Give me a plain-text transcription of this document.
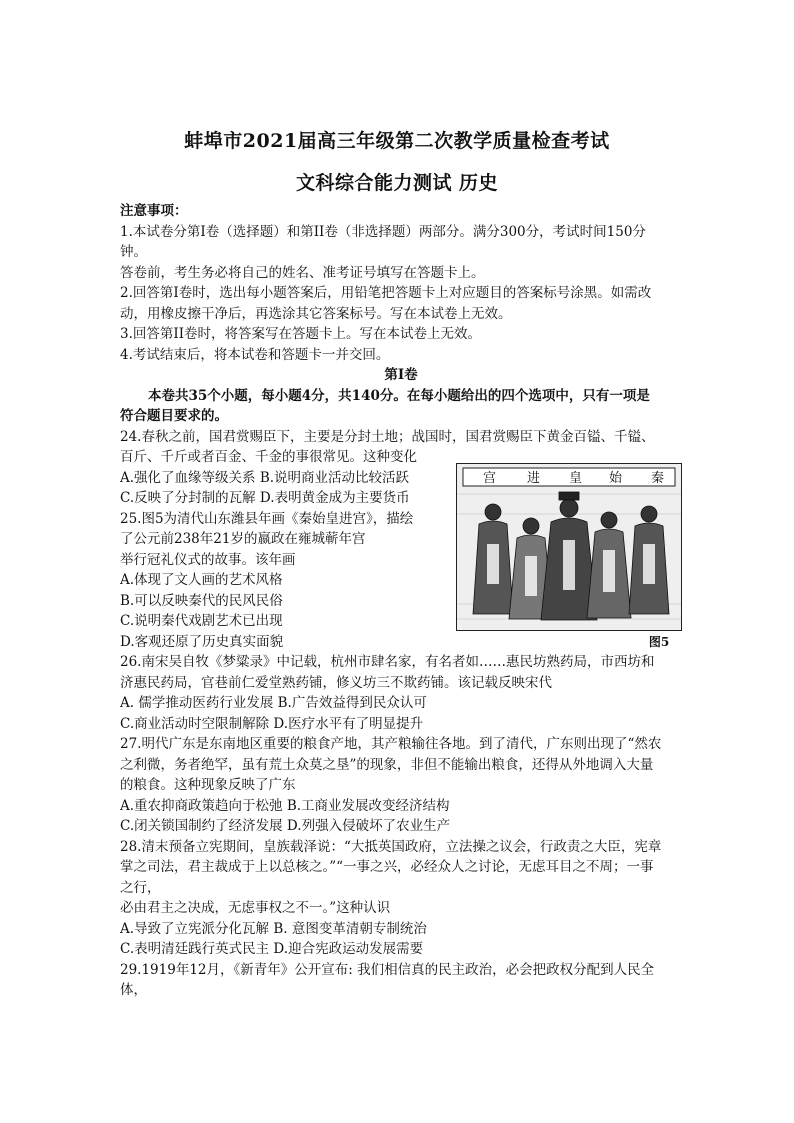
蚌埠市2021届高三年级第二次教学质量检查考试
文科综合能力测试 历史
注意事项：
1.本试卷分第I卷（选择题）和第II卷（非选择题）两部分。满分300分，考试时间150分
钟。
答卷前，考生务必将自己的姓名、准考证号填写在答题卡上。
2.回答第I卷时，选出每小题答案后，用铅笔把答题卡上对应题目的答案标号涂黑。如需改
动，用橡皮擦干净后，再选涂其它答案标号。写在本试卷上无效。
3.回答第II卷时，将答案写在答题卡上。写在本试卷上无效。
4.考试结束后，将本试卷和答题卡一并交回。
第I卷
本卷共35个小题，每小题4分，共140分。在每小题给出的四个选项中，只有一项是
符合题目要求的。
24.春秋之前，国君赏赐臣下，主要是分封土地；战国时，国君赏赐臣下黄金百镒、千镒、
百斤、千斤或者百金、千金的事很常见。这种变化
A.强化了血缘等级关系 B.说明商业活动比较活跃
C.反映了分封制的瓦解 D.表明黄金成为主要货币
25.图5为清代山东潍县年画《秦始皇进宫》，描绘
了公元前238年21岁的嬴政在雍城蕲年宫
举行冠礼仪式的故事。该年画
A.体现了文人画的艺术风格
B.可以反映秦代的民风民俗
C.说明秦代戏剧艺术已出现
D.客观还原了历史真实面貌
26.南宋吴自牧《梦粱录》中记载，杭州市肆名家，有名者如……惠民坊熟药局，市西坊和
济惠民药局，官巷前仁爱堂熟药铺，修义坊三不欺药铺。该记载反映宋代
A. 儒学推动医药行业发展 B.广告效益得到民众认可
C.商业活动时空限制解除 D.医疗水平有了明显提升
27.明代广东是东南地区重要的粮食产地，其产粮输往各地。到了清代，广东则出现了“然农
之利微，务者绝罕，虽有荒土众莫之垦”的现象，非但不能输出粮食，还得从外地调入大量
的粮食。这种现象反映了广东
A.重农抑商政策趋向于松弛 B.工商业发展改变经济结构
C.闭关锁国制约了经济发展 D.列强入侵破坏了农业生产
28.清末预备立宪期间，皇族载泽说：“大抵英国政府，立法操之议会，行政责之大臣，宪章
掌之司法，君主裁成于上以总核之。”“一事之兴，必经众人之讨论，无虑耳目之不周；一事
之行，
必由君主之决成，无虑事权之不一。”这种认识
A.导致了立宪派分化瓦解 B. 意图变革清朝专制统治
C.表明清廷践行英式民主 D.迎合宪政运动发展需要
29.1919年12月，《新青年》公开宣布: 我们相信真的民主政治，必会把政权分配到人民全
体，
宫 进 皇 始 秦
图5
